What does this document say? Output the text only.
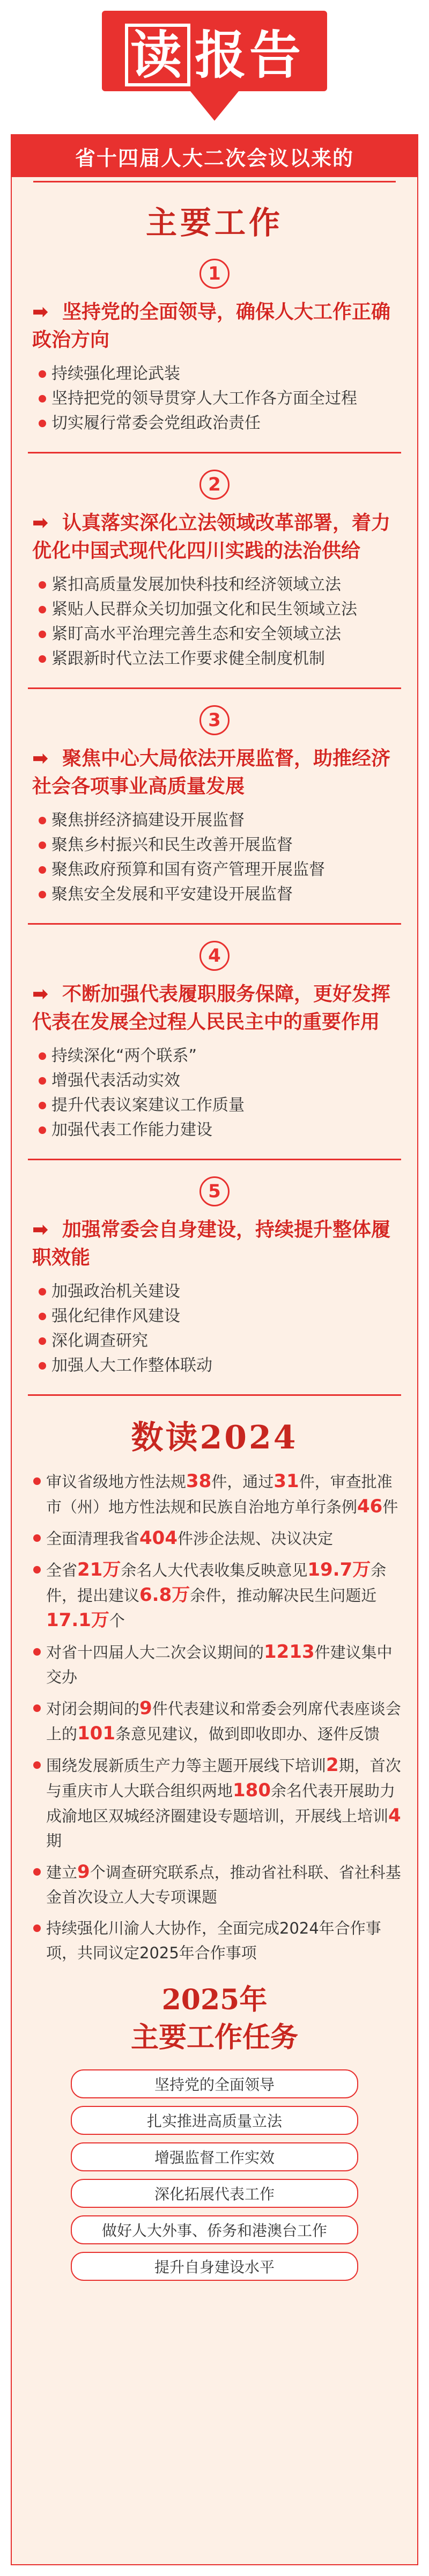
读 报告
省十四届人大二次会议以来的
主要工作
1
➡ 坚持党的全面领导，确保人大工作正确政治方向
持续强化理论武装
坚持把党的领导贯穿人大工作各方面全过程
切实履行常委会党组政治责任
2
➡ 认真落实深化立法领域改革部署，着力优化中国式现代化四川实践的法治供给
紧扣高质量发展加快科技和经济领域立法
紧贴人民群众关切加强文化和民生领域立法
紧盯高水平治理完善生态和安全领域立法
紧跟新时代立法工作要求健全制度机制
3
➡ 聚焦中心大局依法开展监督，助推经济社会各项事业高质量发展
聚焦拼经济搞建设开展监督
聚焦乡村振兴和民生改善开展监督
聚焦政府预算和国有资产管理开展监督
聚焦安全发展和平安建设开展监督
4
➡ 不断加强代表履职服务保障，更好发挥代表在发展全过程人民民主中的重要作用
持续深化“两个联系”
增强代表活动实效
提升代表议案建议工作质量
加强代表工作能力建设
5
➡ 加强常委会自身建设，持续提升整体履职效能
加强政治机关建设
强化纪律作风建设
深化调查研究
加强人大工作整体联动
数读2024
审议省级地方性法规38件，通过31件，审查批准市（州）地方性法规和民族自治地方单行条例46件
全面清理我省404件涉企法规、决议决定
全省21万余名人大代表收集反映意见19.7万余件，提出建议6.8万余件，推动解决民生问题近17.1万个
对省十四届人大二次会议期间的1213件建议集中交办
对闭会期间的9件代表建议和常委会列席代表座谈会上的101条意见建议，做到即收即办、逐件反馈
围绕发展新质生产力等主题开展线下培训2期，首次与重庆市人大联合组织两地180余名代表开展助力成渝地区双城经济圈建设专题培训，开展线上培训4期
建立9个调查研究联系点，推动省社科联、省社科基金首次设立人大专项课题
持续强化川渝人大协作，全面完成2024年合作事项，共同议定2025年合作事项
2025年
主要工作任务
坚持党的全面领导
扎实推进高质量立法
增强监督工作实效
深化拓展代表工作
做好人大外事、侨务和港澳台工作
提升自身建设水平
